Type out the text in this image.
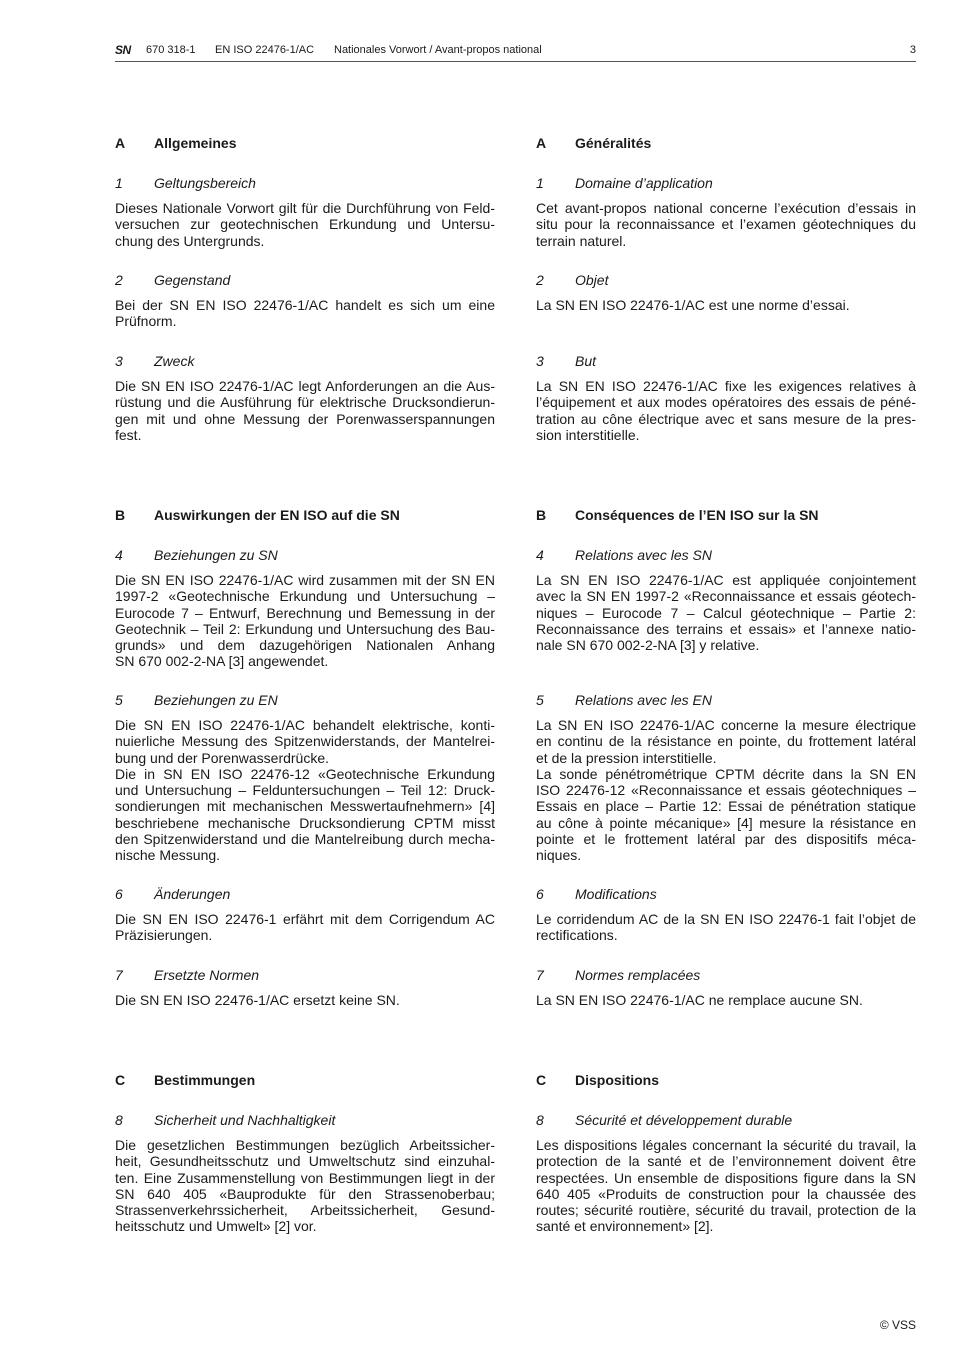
SN 670 318-1 EN ISO 22476-1/AC Nationales Vorwort / Avant-propos national	3
A Allgemeines
1 Geltungsbereich
Dieses Nationale Vorwort gilt für die Durchführung von Feld-
versuchen zur geotechnischen Erkundung und Untersu-
chung des Untergrunds.
2 Gegenstand
Bei der SN EN ISO 22476-1/AC handelt es sich um eine
Prüfnorm.
3 Zweck
Die SN EN ISO 22476-1/AC legt Anforderungen an die Aus-
rüstung und die Ausführung für elektrische Drucksondierun-
gen mit und ohne Messung der Porenwasserspannungen
fest.
B Auswirkungen der EN ISO auf die SN
4 Beziehungen zu SN
Die SN EN ISO 22476-1/AC wird zusammen mit der SN EN
1997-2 «Geotechnische Erkundung und Untersuchung –
Eurocode 7 – Entwurf, Berechnung und Bemessung in der
Geotechnik – Teil 2: Erkundung und Untersuchung des Bau-
grunds» und dem dazugehörigen Nationalen Anhang
SN 670 002-2-NA [3] angewendet.
5 Beziehungen zu EN
Die SN EN ISO 22476-1/AC behandelt elektrische, konti-
nuierliche Messung des Spitzenwiderstands, der Mantelrei-
bung und der Porenwasserdrücke.
Die in SN EN ISO 22476-12 «Geotechnische Erkundung
und Untersuchung – Felduntersuchungen – Teil 12: Druck-
sondierungen mit mechanischen Messwertaufnehmern» [4]
beschriebene mechanische Drucksondierung CPTM misst
den Spitzenwiderstand und die Mantelreibung durch mecha-
nische Messung.
6 Änderungen
Die SN EN ISO 22476-1 erfährt mit dem Corrigendum AC
Präzisierungen.
7 Ersetzte Normen
Die SN EN ISO 22476-1/AC ersetzt keine SN.
C Bestimmungen
8 Sicherheit und Nachhaltigkeit
Die gesetzlichen Bestimmungen bezüglich Arbeitssicher-
heit, Gesundheitsschutz und Umweltschutz sind einzuhal-
ten. Eine Zusammenstellung von Bestimmungen liegt in der
SN 640 405 «Bauprodukte für den Strassenoberbau;
Strassenverkehrssicherheit, Arbeitssicherheit, Gesund-
heitsschutz und Umwelt» [2] vor.
A Généralités
1 Domaine d’application
Cet avant-propos national concerne l’exécution d’essais in
situ pour la reconnaissance et l’examen géotechniques du
terrain naturel.
2 Objet
La SN EN ISO 22476-1/AC est une norme d’essai.
3 But
La SN EN ISO 22476-1/AC fixe les exigences relatives à
l’équipement et aux modes opératoires des essais de péné-
tration au cône électrique avec et sans mesure de la pres-
sion interstitielle.
B Conséquences de l’EN ISO sur la SN
4 Relations avec les SN
La SN EN ISO 22476-1/AC est appliquée conjointement
avec la SN EN 1997-2 «Reconnaissance et essais géotech-
niques – Eurocode 7 – Calcul géotechnique – Partie 2:
Reconnaissance des terrains et essais» et l’annexe natio-
nale SN 670 002-2-NA [3] y relative.
5 Relations avec les EN
La SN EN ISO 22476-1/AC concerne la mesure électrique
en continu de la résistance en pointe, du frottement latéral
et de la pression interstitielle.
La sonde pénétrométrique CPTM décrite dans la SN EN
ISO 22476-12 «Reconnaissance et essais géotechniques –
Essais en place – Partie 12: Essai de pénétration statique
au cône à pointe mécanique» [4] mesure la résistance en
pointe et le frottement latéral par des dispositifs méca-
niques.
6 Modifications
Le corridendum AC de la SN EN ISO 22476-1 fait l’objet de
rectifications.
7 Normes remplacées
La SN EN ISO 22476-1/AC ne remplace aucune SN.
C Dispositions
8 Sécurité et développement durable
Les dispositions légales concernant la sécurité du travail, la
protection de la santé et de l’environnement doivent être
respectées. Un ensemble de dispositions figure dans la SN
640 405 «Produits de construction pour la chaussée des
routes; sécurité routière, sécurité du travail, protection de la
santé et environnement» [2].
© VSS
